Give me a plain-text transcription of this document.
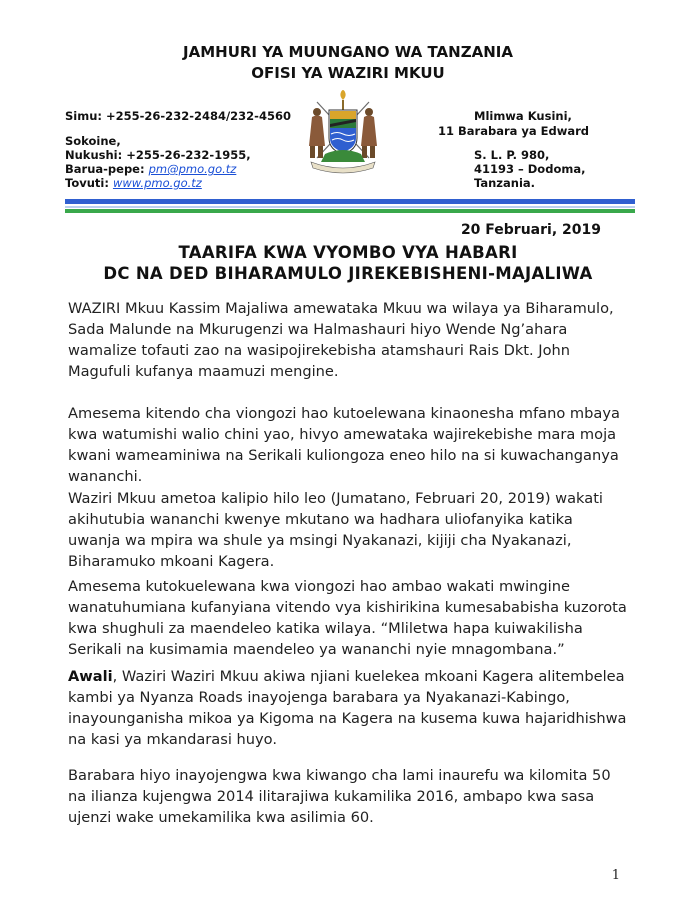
JAMHURI YA MUUNGANO WA TANZANIA
OFISI YA WAZIRI MKUU
Simu: +255-26-232-2484/232-4560
Sokoine,
Nukushi: +255-26-232-1955,
Barua-pepe: pm@pmo.go.tz
Tovuti: www.pmo.go.tz
Mlimwa Kusini,
11 Barabara ya Edward
S. L. P. 980,
41193 – Dodoma,
Tanzania.
20 Februari, 2019
TAARIFA KWA VYOMBO VYA HABARI
DC NA DED BIHARAMULO JIREKEBISHENI-MAJALIWA
WAZIRI Mkuu Kassim Majaliwa amewataka Mkuu wa wilaya ya Biharamulo, Sada Malunde na Mkurugenzi wa Halmashauri hiyo Wende Ng’ahara wamalize tofauti zao na wasipojirekebisha atamshauri Rais Dkt. John Magufuli kufanya maamuzi mengine.
Amesema kitendo cha viongozi hao kutoelewana kinaonesha mfano mbaya kwa watumishi walio chini yao, hivyo amewataka wajirekebishe mara moja kwani wameaminiwa na Serikali kuliongoza eneo hilo na si kuwachanganya wananchi.
Waziri Mkuu ametoa kalipio hilo leo (Jumatano, Februari 20, 2019) wakati akihutubia wananchi kwenye mkutano wa hadhara uliofanyika katika uwanja wa mpira wa shule ya msingi Nyakanazi, kijiji cha Nyakanazi, Biharamuko mkoani Kagera.
Amesema kutokuelewana kwa viongozi hao ambao wakati mwingine wanatuhumiana kufanyiana vitendo vya kishirikina kumesababisha kuzorota kwa shughuli za maendeleo katika wilaya. “Mliletwa hapa kuiwakilisha Serikali na kusimamia maendeleo ya wananchi nyie mnagombana.”
Awali, Waziri Waziri Mkuu akiwa njiani kuelekea mkoani Kagera alitembelea kambi ya Nyanza Roads inayojenga barabara ya Nyakanazi-Kabingo, inayounganisha mikoa ya Kigoma na Kagera na kusema kuwa hajaridhishwa na kasi ya mkandarasi huyo.
Barabara hiyo inayojengwa kwa kiwango cha lami inaurefu wa kilomita 50 na ilianza kujengwa 2014 ilitarajiwa kukamilika 2016, ambapo kwa sasa ujenzi wake umekamilika kwa asilimia 60.
1
